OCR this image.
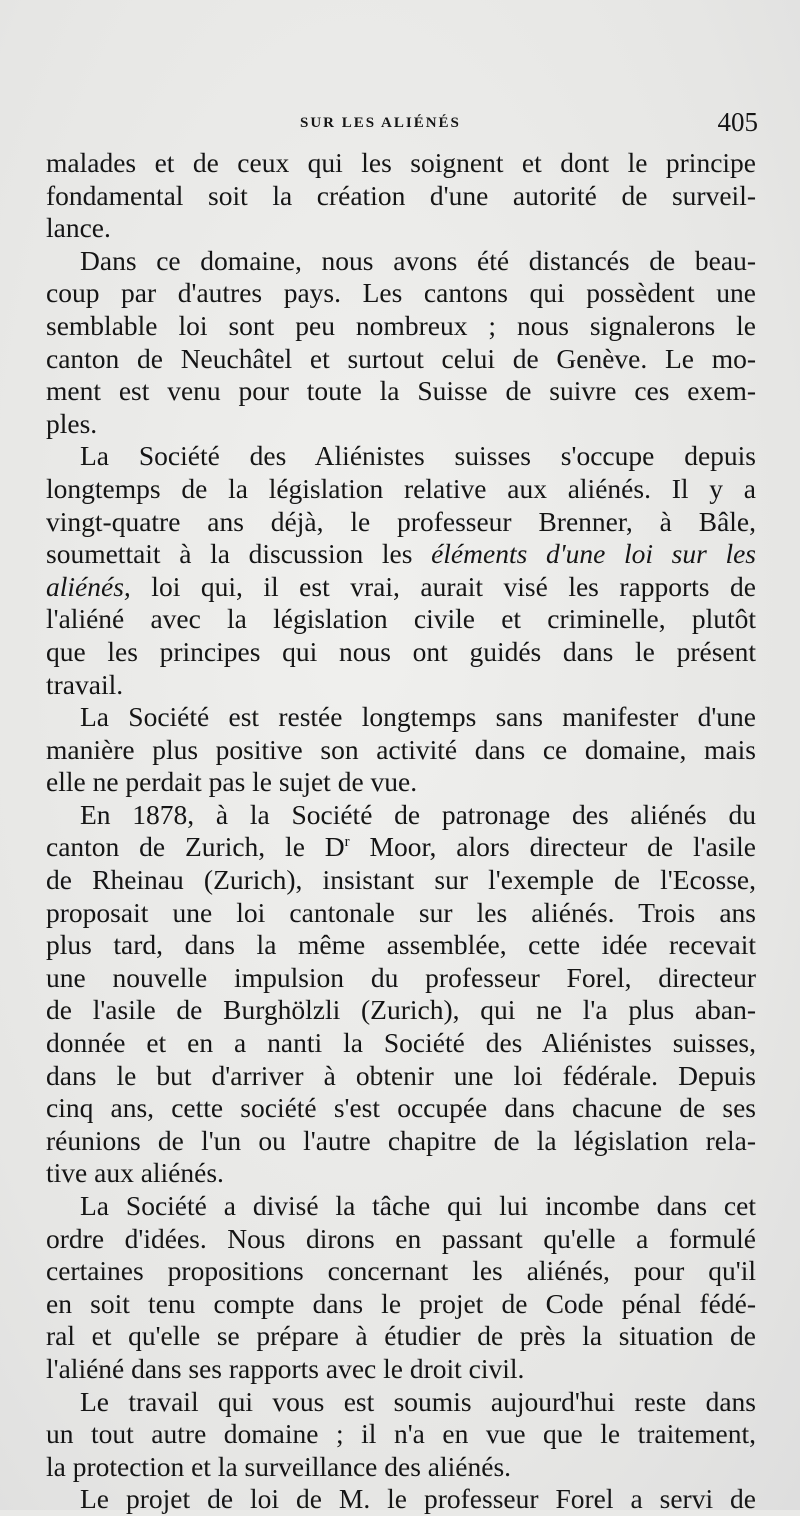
SUR LES ALIÉNÉS	405
malades et de ceux qui les soignent et dont le principe
fondamental soit la création d'une autorité de surveil-
lance.
Dans ce domaine, nous avons été distancés de beau-
coup par d'autres pays. Les cantons qui possèdent une
semblable loi sont peu nombreux ; nous signalerons le
canton de Neuchâtel et surtout celui de Genève. Le mo-
ment est venu pour toute la Suisse de suivre ces exem-
ples.
La Société des Aliénistes suisses s'occupe depuis
longtemps de la législation relative aux aliénés. Il y a
vingt-quatre ans déjà, le professeur Brenner, à Bâle,
soumettait à la discussion les éléments d'une loi sur les
aliénés, loi qui, il est vrai, aurait visé les rapports de
l'aliéné avec la législation civile et criminelle, plutôt
que les principes qui nous ont guidés dans le présent
travail.
La Société est restée longtemps sans manifester d'une
manière plus positive son activité dans ce domaine, mais
elle ne perdait pas le sujet de vue.
En 1878, à la Société de patronage des aliénés du
canton de Zurich, le $D^r$ Moor, alors directeur de l'asile
de Rheinau (Zurich), insistant sur l'exemple de l'Ecosse,
proposait une loi cantonale sur les aliénés. Trois ans
plus tard, dans la même assemblée, cette idée recevait
une nouvelle impulsion du professeur Forel, directeur
de l'asile de Burghölzli (Zurich), qui ne l'a plus aban-
donnée et en a nanti la Société des Aliénistes suisses,
dans le but d'arriver à obtenir une loi fédérale. Depuis
cinq ans, cette société s'est occupée dans chacune de ses
réunions de l'un ou l'autre chapitre de la législation rela-
tive aux aliénés.
La Société a divisé la tâche qui lui incombe dans cet
ordre d'idées. Nous dirons en passant qu'elle a formulé
certaines propositions concernant les aliénés, pour qu'il
en soit tenu compte dans le projet de Code pénal fédé-
ral et qu'elle se prépare à étudier de près la situation de
l'aliéné dans ses rapports avec le droit civil.
Le travail qui vous est soumis aujourd'hui reste dans
un tout autre domaine ; il n'a en vue que le traitement,
la protection et la surveillance des aliénés.
Le projet de loi de M. le professeur Forel a servi de
